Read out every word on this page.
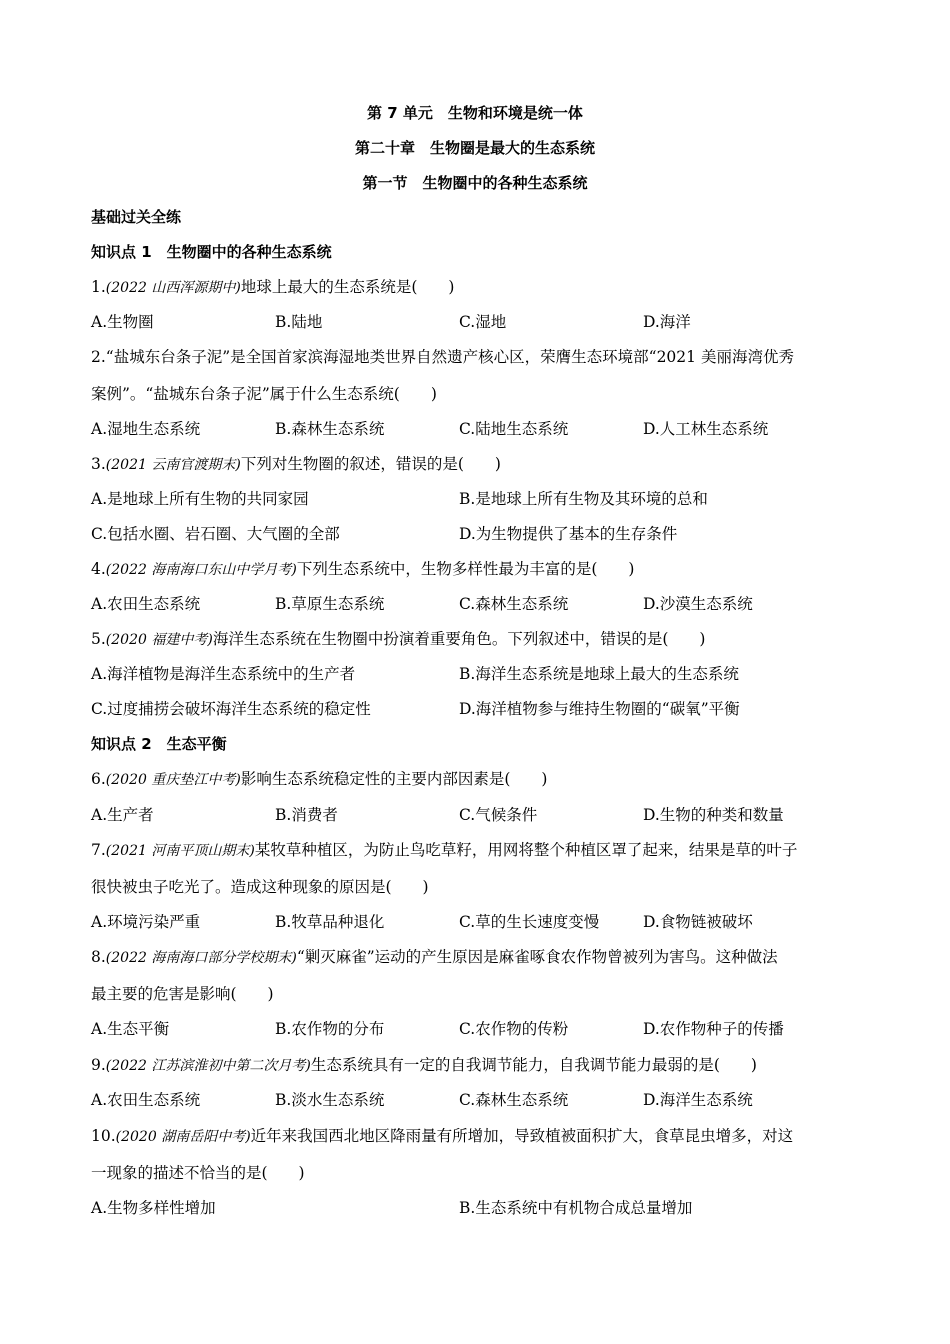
第 7 单元　生物和环境是统一体
第二十章　生物圈是最大的生态系统
第一节　生物圈中的各种生态系统
基础过关全练
知识点 1　生物圈中的各种生态系统
1.(2022 山西浑源期中)地球上最大的生态系统是(　　)
A.生物圈	B.陆地	C.湿地	D.海洋
2.“盐城东台条子泥”是全国首家滨海湿地类世界自然遗产核心区，荣膺生态环境部“2021 美丽海湾优秀
案例”。“盐城东台条子泥”属于什么生态系统(　　)
A.湿地生态系统	B.森林生态系统	C.陆地生态系统	D.人工林生态系统
3.(2021 云南官渡期末)下列对生物圈的叙述，错误的是(　　)
A.是地球上所有生物的共同家园	B.是地球上所有生物及其环境的总和
C.包括水圈、岩石圈、大气圈的全部	D.为生物提供了基本的生存条件
4.(2022 海南海口东山中学月考)下列生态系统中，生物多样性最为丰富的是(　　)
A.农田生态系统	B.草原生态系统	C.森林生态系统	D.沙漠生态系统
5.(2020 福建中考)海洋生态系统在生物圈中扮演着重要角色。下列叙述中，错误的是(　　)
A.海洋植物是海洋生态系统中的生产者	B.海洋生态系统是地球上最大的生态系统
C.过度捕捞会破坏海洋生态系统的稳定性	D.海洋植物参与维持生物圈的“碳氧”平衡
知识点 2　生态平衡
6.(2020 重庆垫江中考)影响生态系统稳定性的主要内部因素是(　　)
A.生产者	B.消费者	C.气候条件	D.生物的种类和数量
7.(2021 河南平顶山期末)某牧草种植区，为防止鸟吃草籽，用网将整个种植区罩了起来，结果是草的叶子
很快被虫子吃光了。造成这种现象的原因是(　　)
A.环境污染严重	B.牧草品种退化	C.草的生长速度变慢	D.食物链被破坏
8.(2022 海南海口部分学校期末)“剿灭麻雀”运动的产生原因是麻雀啄食农作物曾被列为害鸟。这种做法
最主要的危害是影响(　　)
A.生态平衡	B.农作物的分布	C.农作物的传粉	D.农作物种子的传播
9.(2022 江苏滨淮初中第二次月考)生态系统具有一定的自我调节能力，自我调节能力最弱的是(　　)
A.农田生态系统	B.淡水生态系统	C.森林生态系统	D.海洋生态系统
10.(2020 湖南岳阳中考)近年来我国西北地区降雨量有所增加，导致植被面积扩大，食草昆虫增多，对这
一现象的描述不恰当的是(　　)
A.生物多样性增加	B.生态系统中有机物合成总量增加
